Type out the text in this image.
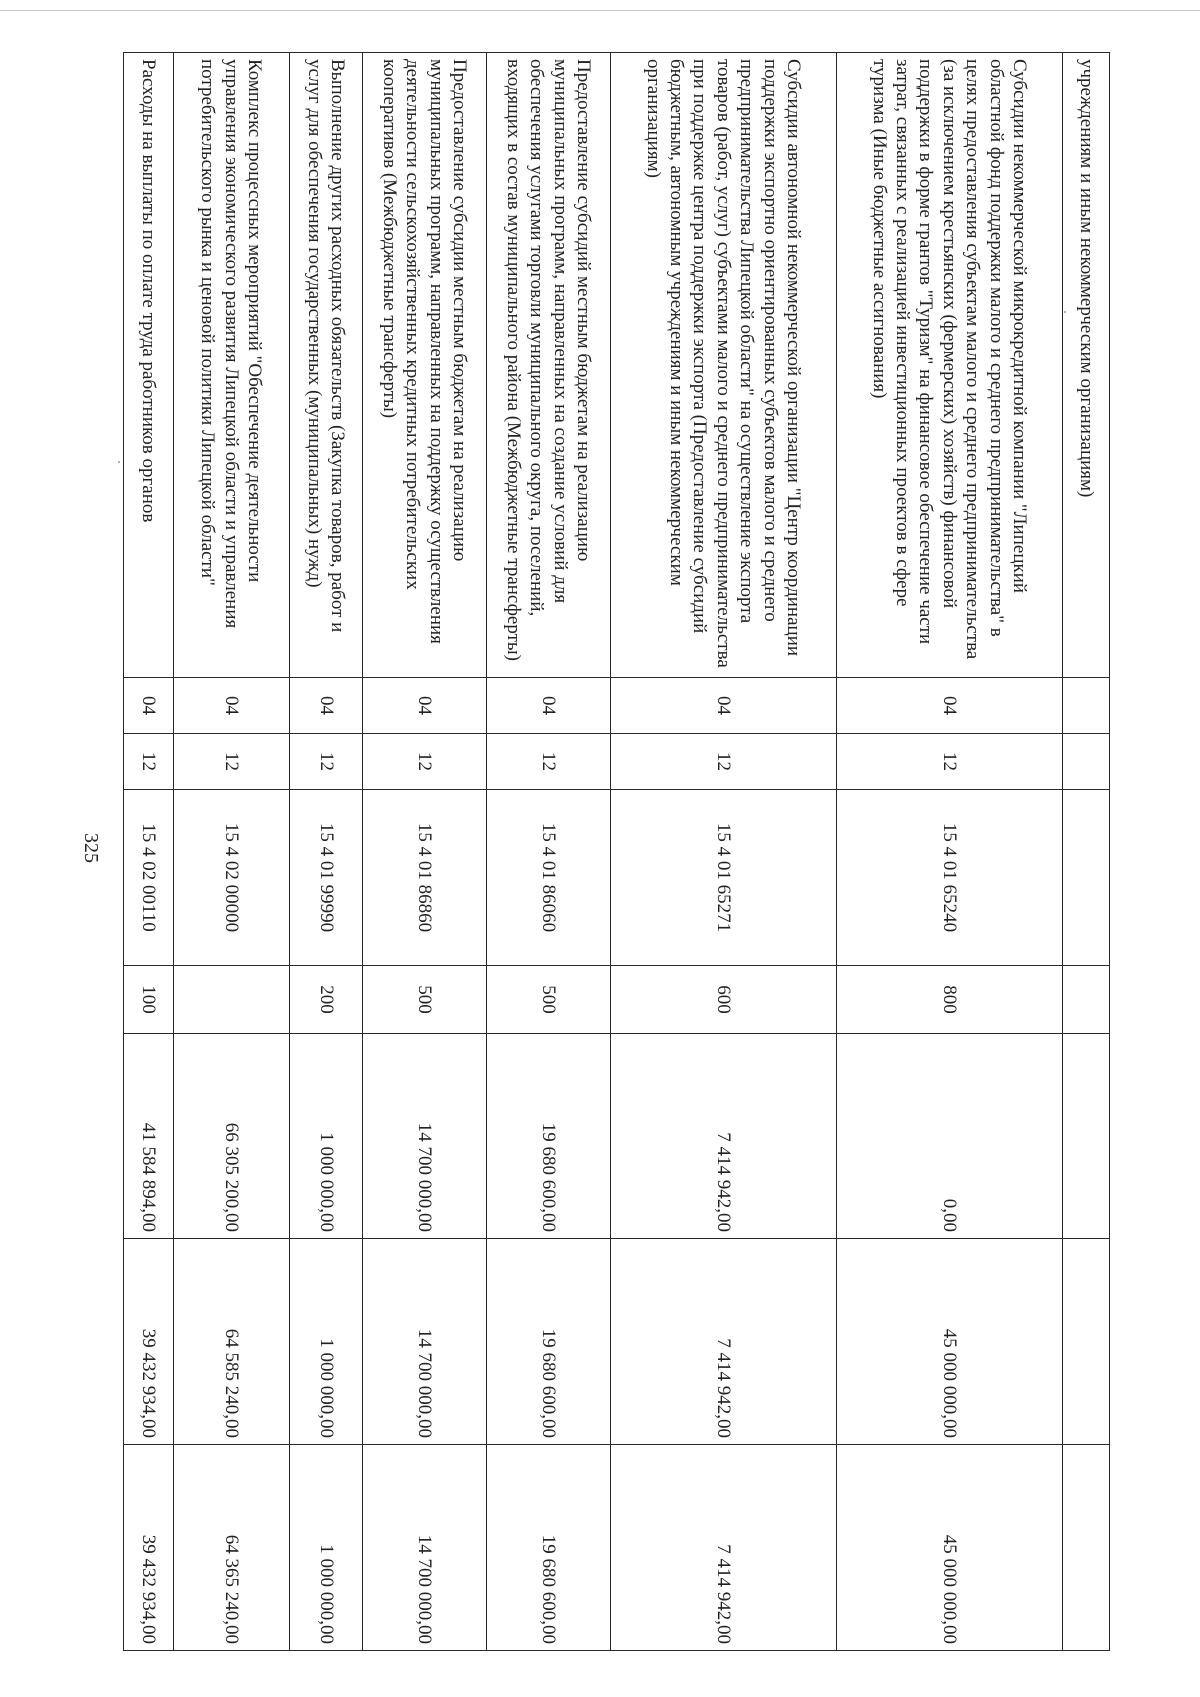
325
учреждениям и иным некоммерческим организациям)							
Субсидии некоммерческой микрокредитной компании "Липецкий областной фонд поддержки малого и среднего предпринимательства" в целях предоставления субъектам малого и среднего предпринимательства (за исключением крестьянских (фермерских) хозяйств) финансовой поддержки в форме грантов "Туризм" на финансовое обеспечение части затрат, связанных с реализацией инвестиционных проектов в сфере туризма (Иные бюджетные ассигнования)	04	12	15 4 01 65240	800	0,00	45 000 000,00	45 000 000,00
Субсидии автономной некоммерческой организации "Центр координации поддержки экспортно ориентированных субъектов малого и среднего предпринимательства Липецкой области" на осуществление экспорта товаров (работ, услуг) субъектами малого и среднего предпринимательства при поддержке центра поддержки экспорта (Предоставление субсидий бюджетным, автономным учреждениям и иным некоммерческим организациям)	04	12	15 4 01 65271	600	7 414 942,00	7 414 942,00	7 414 942,00
Предоставление субсидий местным бюджетам на реализацию муниципальных программ, направленных на создание условий для обеспечения услугами торговли муниципального округа, поселений, входящих в состав муниципального района (Межбюджетные трансферты)	04	12	15 4 01 86060	500	19 680 600,00	19 680 600,00	19 680 600,00
Предоставление субсидии местным бюджетам на реализацию муниципальных программ, направленных на поддержку осуществления деятельности сельскохозяйственных кредитных потребительских кооперативов (Межбюджетные трансферты)	04	12	15 4 01 86860	500	14 700 000,00	14 700 000,00	14 700 000,00
Выполнение других расходных обязательств (Закупка товаров, работ и услуг для обеспечения государственных (муниципальных) нужд)	04	12	15 4 01 99990	200	1 000 000,00	1 000 000,00	1 000 000,00
Комплекс процессных мероприятий "Обеспечение деятельности управления экономического развития Липецкой области и управления потребительского рынка и ценовой политики Липецкой области"	04	12	15 4 02 00000		66 305 200,00	64 585 240,00	64 365 240,00
Расходы на выплаты по оплате труда работников органов	04	12	15 4 02 00110	100	41 584 894,00	39 432 934,00	39 432 934,00
